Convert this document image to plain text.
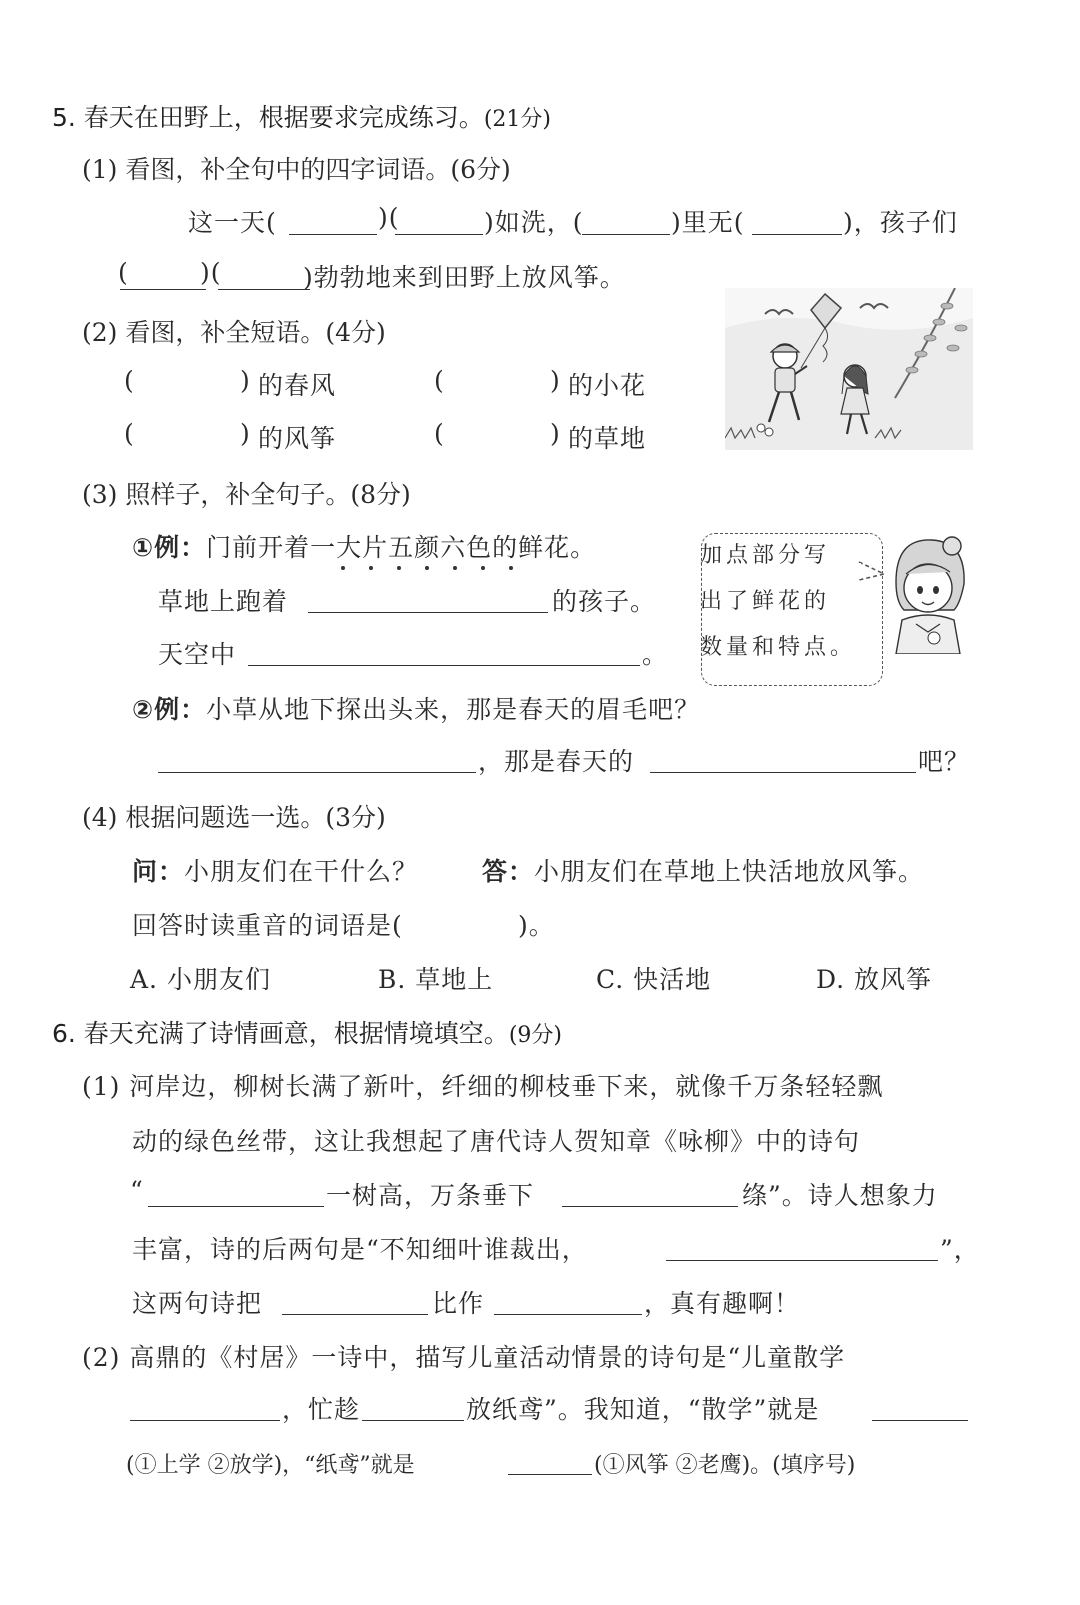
5. 春天在田野上，根据要求完成练习。(21分)
(1) 看图，补全句中的四字词语。(6分)
这一天(	)(	)如洗，(	)里无(	)，孩子们
(	)(	)勃勃地来到田野上放风筝。
(2) 看图，补全短语。(4分)
(	) 的春风	(	) 的小花
(	) 的风筝	(	) 的草地
(3) 照样子，补全句子。(8分)
①例：门前开着一大片五颜六色的鲜花。
草地上跑着	的孩子。
天空中	。
加点部分写
出了鲜花的
数量和特点。
②例：小草从地下探出头来，那是春天的眉毛吧？
，那是春天的	吧？
(4) 根据问题选一选。(3分)
问：小朋友们在干什么？	答：小朋友们在草地上快活地放风筝。
回答时读重音的词语是(	)。
A. 小朋友们	B. 草地上	C. 快活地	D. 放风筝
6. 春天充满了诗情画意，根据情境填空。(9分)
(1) 河岸边，柳树长满了新叶，纤细的柳枝垂下来，就像千万条轻轻飘
动的绿色丝带，这让我想起了唐代诗人贺知章《咏柳》中的诗句
“	一树高，万条垂下	绦”。诗人想象力
丰富，诗的后两句是“不知细叶谁裁出，	”，
这两句诗把	比作	，真有趣啊！
(2) 高鼎的《村居》一诗中，描写儿童活动情景的诗句是“儿童散学
，忙趁	放纸鸢”。我知道，“散学”就是
(①上学 ②放学)，“纸鸢”就是	(①风筝 ②老鹰)。(填序号)
